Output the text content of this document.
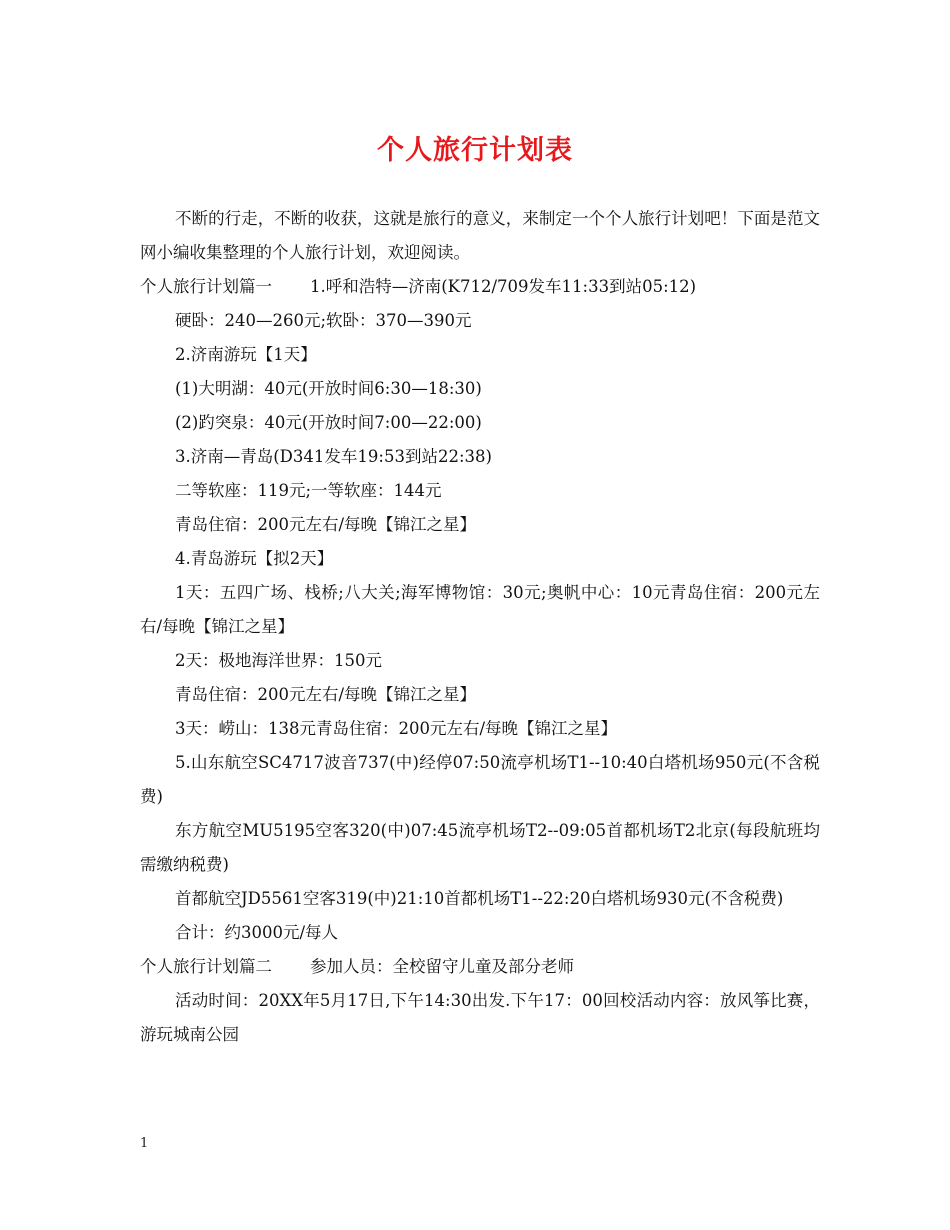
个人旅行计划表

不断的行走，不断的收获，这就是旅行的意义，来制定一个个人旅行计划吧！下面是范文网小编收集整理的个人旅行计划，欢迎阅读。

个人旅行计划篇一 1.呼和浩特—济南(K712/709发车11:33到站05:12)

硬卧：240—260元;软卧：370—390元

2.济南游玩【1天】

(1)大明湖：40元(开放时间6:30—18:30)

(2)趵突泉：40元(开放时间7:00—22:00)

3.济南—青岛(D341发车19:53到站22:38)

二等软座：119元;一等软座：144元

青岛住宿：200元左右/每晚【锦江之星】

4.青岛游玩【拟2天】

1天：五四广场、栈桥;八大关;海军博物馆：30元;奥帆中心：10元青岛住宿：200元左右/每晚【锦江之星】

2天：极地海洋世界：150元

青岛住宿：200元左右/每晚【锦江之星】

3天：崂山：138元青岛住宿：200元左右/每晚【锦江之星】

5.山东航空SC4717波音737(中)经停07:50流亭机场T1--10:40白塔机场950元(不含税费)

东方航空MU5195空客320(中)07:45流亭机场T2--09:05首都机场T2北京(每段航班均需缴纳税费)

首都航空JD5561空客319(中)21:10首都机场T1--22:20白塔机场930元(不含税费)

合计：约3000元/每人

个人旅行计划篇二 参加人员：全校留守儿童及部分老师

活动时间：20XX年5月17日,下午14:30出发.下午17：00回校活动内容：放风筝比赛，游玩城南公园

1
